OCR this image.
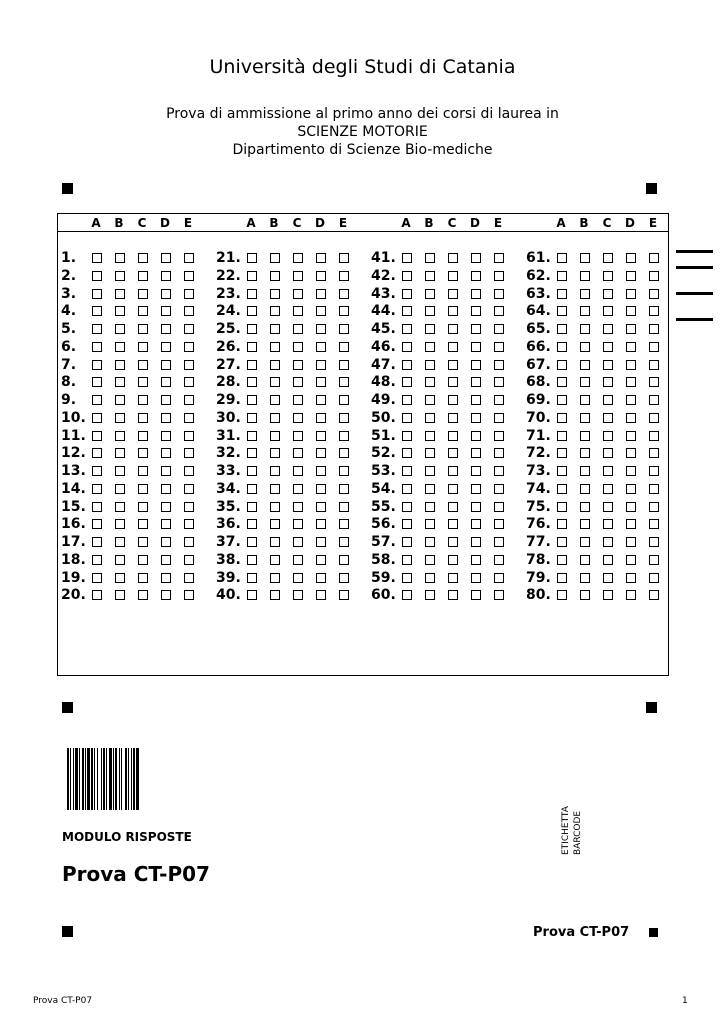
Università degli Studi di Catania
Prova di ammissione al primo anno dei corsi di laurea in
SCIENZE MOTORIE
Dipartimento di Scienze Bio-mediche
A B C D E
1.
2.
3.
4.
5.
6.
7.
8.
9.
10.
11.
12.
13.
14.
15.
16.
17.
18.
19.
20.
A B C D E
21.
22.
23.
24.
25.
26.
27.
28.
29.
30.
31.
32.
33.
34.
35.
36.
37.
38.
39.
40.
A B C D E
41.
42.
43.
44.
45.
46.
47.
48.
49.
50.
51.
52.
53.
54.
55.
56.
57.
58.
59.
60.
A B C D E
61.
62.
63.
64.
65.
66.
67.
68.
69.
70.
71.
72.
73.
74.
75.
76.
77.
78.
79.
80.
MODULO RISPOSTE
Prova CT-P07
ETICHETTA BARCODE
Prova CT-P07
Prova CT-P07	1
